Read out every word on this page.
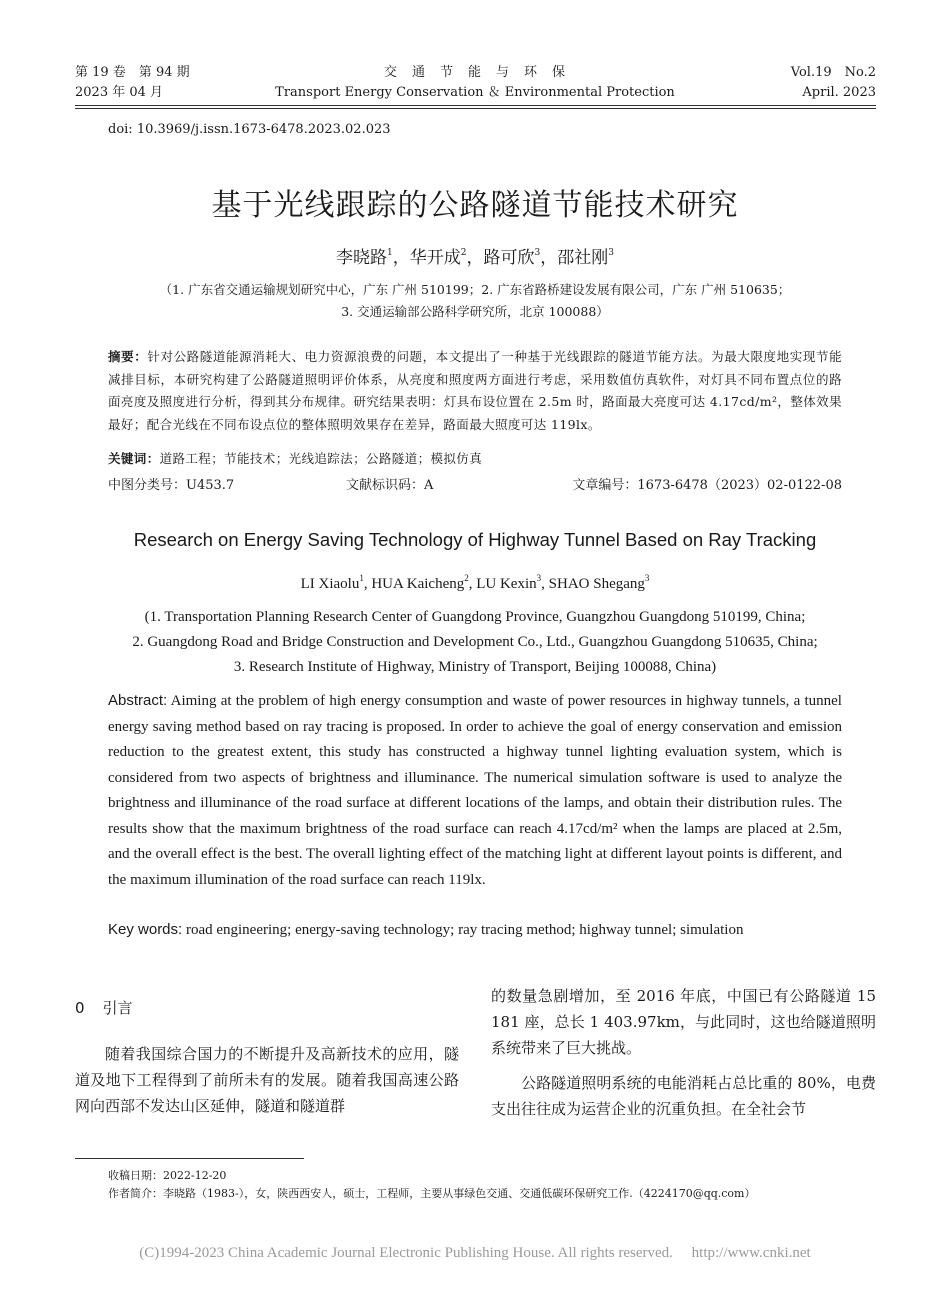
第 19 卷　第 94 期
2023 年 04 月
交　通　节　能　与　环　保
Transport Energy Conservation ＆ Environmental Protection
Vol.19　No.2
April. 2023
doi: 10.3969/j.issn.1673-6478.2023.02.023
基于光线跟踪的公路隧道节能技术研究
李晓路$^1$，华开成$^2$，路可欣$^3$，邵社刚$^3$
（1. 广东省交通运输规划研究中心，广东 广州 510199；2. 广东省路桥建设发展有限公司，广东 广州 510635；
3. 交通运输部公路科学研究所，北京 100088）
摘要：针对公路隧道能源消耗大、电力资源浪费的问题，本文提出了一种基于光线跟踪的隧道节能方法。为最大限度地实现节能减排目标，本研究构建了公路隧道照明评价体系，从亮度和照度两方面进行考虑，采用数值仿真软件，对灯具不同布置点位的路面亮度及照度进行分析，得到其分布规律。研究结果表明：灯具布设位置在 2.5m 时，路面最大亮度可达 4.17cd/m²，整体效果最好；配合光线在不同布设点位的整体照明效果存在差异，路面最大照度可达 119lx。
关键词：道路工程；节能技术；光线追踪法；公路隧道；模拟仿真
中图分类号：U453.7	文献标识码：A	文章编号：1673-6478（2023）02-0122-08
Research on Energy Saving Technology of Highway Tunnel Based on Ray Tracking
LI Xiaolu$^1$, HUA Kaicheng$^2$, LU Kexin$^3$, SHAO Shegang$^3$
(1. Transportation Planning Research Center of Guangdong Province, Guangzhou Guangdong 510199, China;
2. Guangdong Road and Bridge Construction and Development Co., Ltd., Guangzhou Guangdong 510635, China;
3. Research Institute of Highway, Ministry of Transport, Beijing 100088, China)
Abstract: Aiming at the problem of high energy consumption and waste of power resources in highway tunnels, a tunnel energy saving method based on ray tracing is proposed. In order to achieve the goal of energy conservation and emission reduction to the greatest extent, this study has constructed a highway tunnel lighting evaluation system, which is considered from two aspects of brightness and illuminance. The numerical simulation software is used to analyze the brightness and illuminance of the road surface at different locations of the lamps, and obtain their distribution rules. The results show that the maximum brightness of the road surface can reach 4.17cd/m² when the lamps are placed at 2.5m, and the overall effect is the best. The overall lighting effect of the matching light at different layout points is different, and the maximum illumination of the road surface can reach 119lx.
Key words: road engineering; energy-saving technology; ray tracing method; highway tunnel; simulation
0 引言
随着我国综合国力的不断提升及高新技术的应用，隧道及地下工程得到了前所未有的发展。随着我国高速公路网向西部不发达山区延伸，隧道和隧道群
的数量急剧增加，至 2016 年底，中国已有公路隧道 15 181 座，总长 1 403.97km，与此同时，这也给隧道照明系统带来了巨大挑战。
公路隧道照明系统的电能消耗占总比重的 80%，电费支出往往成为运营企业的沉重负担。在全社会节
收稿日期：2022-12-20
作者简介：李晓路（1983-），女，陕西西安人，硕士，工程师，主要从事绿色交通、交通低碳环保研究工作.（4224170@qq.com）
(C)1994-2023 China Academic Journal Electronic Publishing House. All rights reserved.　 http://www.cnki.net
